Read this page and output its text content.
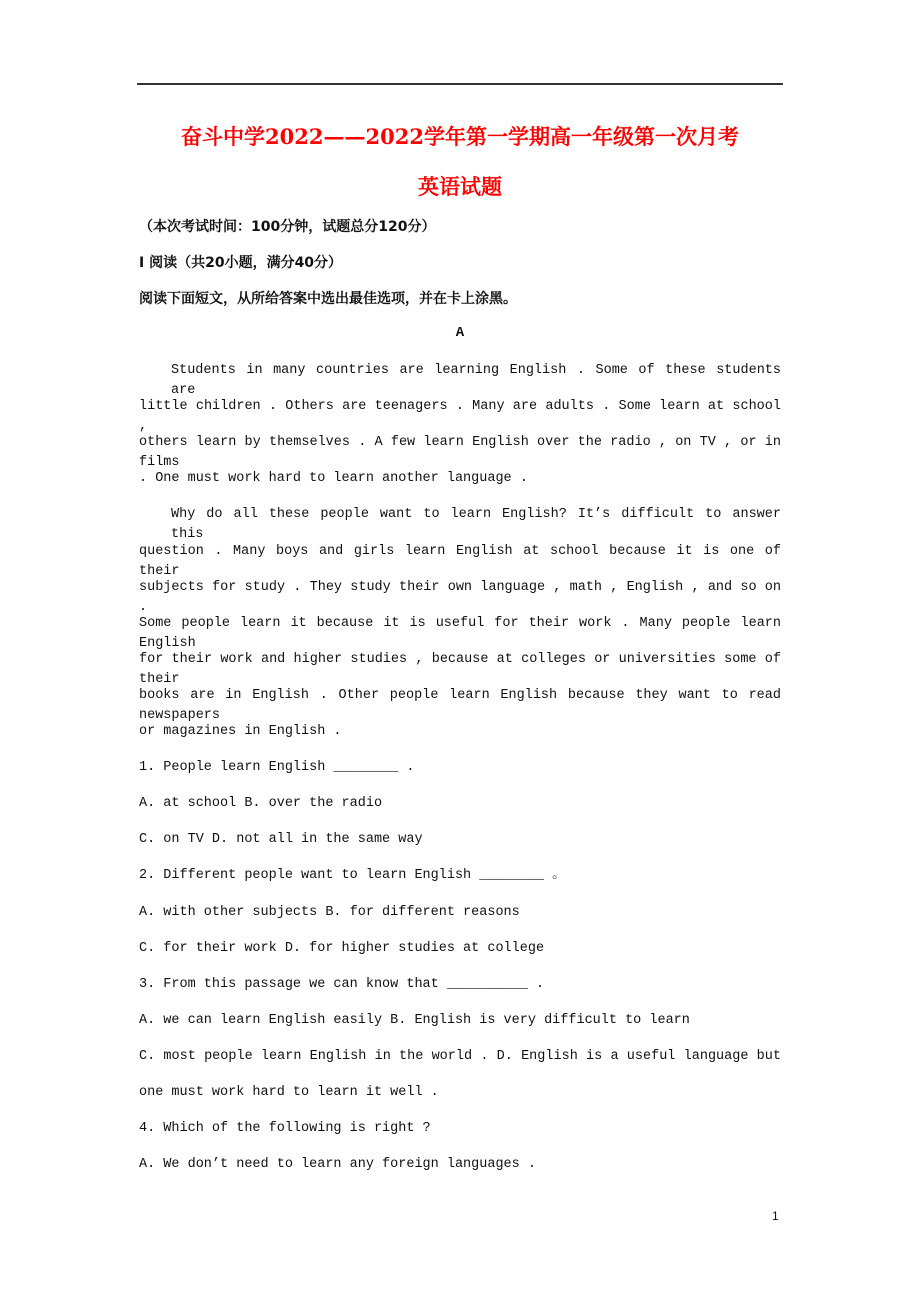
奋斗中学2022——2022学年第一学期高一年级第一次月考
英语试题
（本次考试时间：100分钟，试题总分120分）
I 阅读（共20小题，满分40分）
阅读下面短文，从所给答案中选出最佳选项，并在卡上涂黑。
A
Students in many countries are learning English . Some of these students are
little children . Others are teenagers . Many are adults . Some learn at school ,
others learn by themselves . A few learn English over the radio , on TV , or in films
. One must work hard to learn another language .
Why do all these people want to learn English? It’s difficult to answer this
question . Many boys and girls learn English at school because it is one of their
subjects for study . They study their own language , math , English , and so on .
Some people learn it because it is useful for their work . Many people learn English
for their work and higher studies , because at colleges or universities some of their
books are in English . Other people learn English because they want to read newspapers
or magazines in English .
1. People learn English ________ .
A. at school B. over the radio
C. on TV D. not all in the same way
2. Different people want to learn English ________ 。
A. with other subjects B. for different reasons
C. for their work D. for higher studies at college
3. From this passage we can know that __________ .
A. we can learn English easily B. English is very difficult to learn
C. most people learn English in the world . D. English is a useful language but
one must work hard to learn it well .
4. Which of the following is right ?
A. We don’t need to learn any foreign languages .
1
